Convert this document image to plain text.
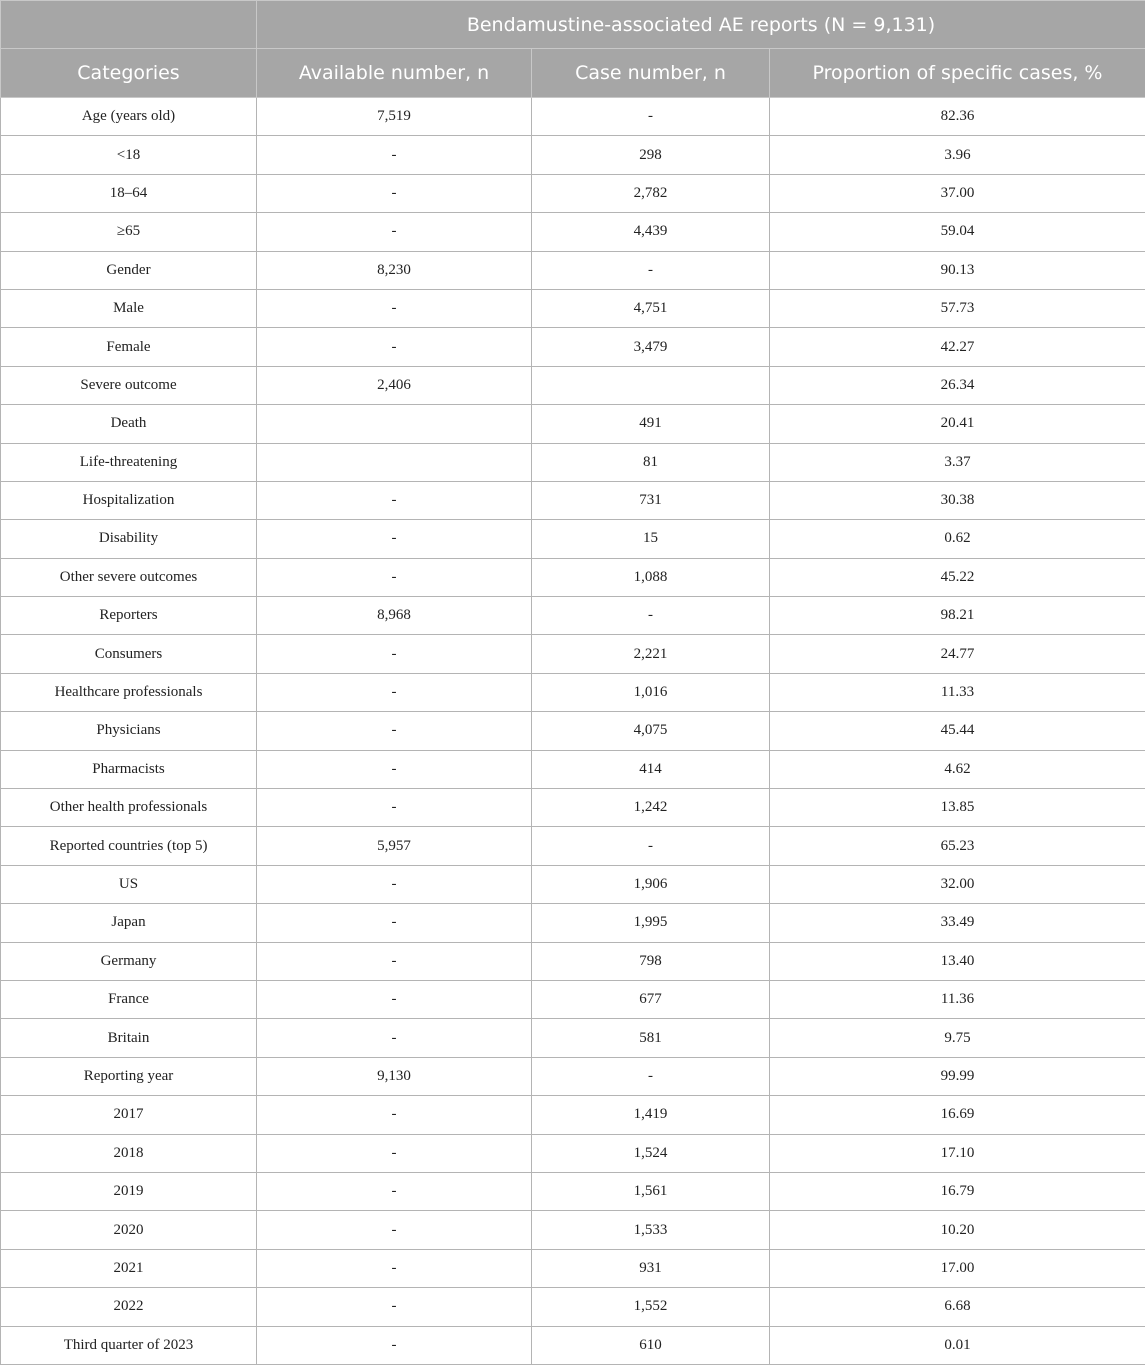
	Bendamustine-associated AE reports (N = 9,131)		
Categories	Available number, n	Case number, n	Proportion of specific cases, %
Age (years old)	7,519	-	82.36
<18	-	298	3.96
18–64	-	2,782	37.00
≥65	-	4,439	59.04
Gender	8,230	-	90.13
Male	-	4,751	57.73
Female	-	3,479	42.27
Severe outcome	2,406		26.34
Death		491	20.41
Life-threatening		81	3.37
Hospitalization	-	731	30.38
Disability	-	15	0.62
Other severe outcomes	-	1,088	45.22
Reporters	8,968	-	98.21
Consumers	-	2,221	24.77
Healthcare professionals	-	1,016	11.33
Physicians	-	4,075	45.44
Pharmacists	-	414	4.62
Other health professionals	-	1,242	13.85
Reported countries (top 5)	5,957	-	65.23
US	-	1,906	32.00
Japan	-	1,995	33.49
Germany	-	798	13.40
France	-	677	11.36
Britain	-	581	9.75
Reporting year	9,130	-	99.99
2017	-	1,419	16.69
2018	-	1,524	17.10
2019	-	1,561	16.79
2020	-	1,533	10.20
2021	-	931	17.00
2022	-	1,552	6.68
Third quarter of 2023	-	610	0.01
